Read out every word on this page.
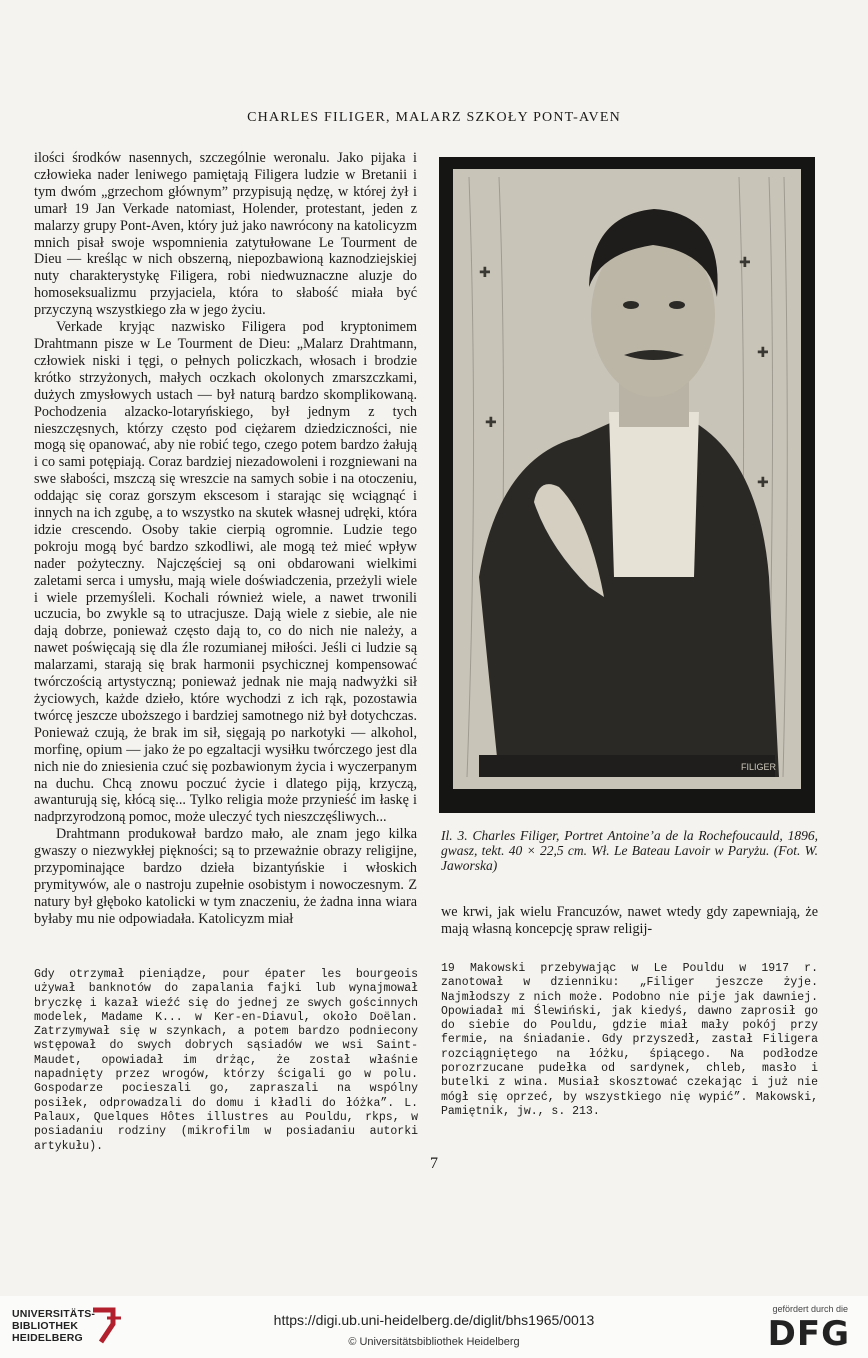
CHARLES FILIGER, MALARZ SZKOŁY PONT-AVEN

ilości środków nasennych, szczególnie weronalu. Jako pijaka i człowieka nader leniwego pamiętają Filigera ludzie w Bretanii i tym dwóm „grzechom głównym” przypisują nędzę, w której żył i umarł 19 Jan Verkade natomiast, Holender, protestant, jeden z malarzy grupy Pont-Aven, który już jako nawrócony na katolicyzm mnich pisał swoje wspomnienia zatytułowane Le Tourment de Dieu — kreśląc w nich obszerną, niepozbawioną kaznodziejskiej nuty charakterystykę Filigera, robi niedwuznaczne aluzje do homoseksualizmu przyjaciela, która to słabość miała być przyczyną wszystkiego zła w jego życiu.

Verkade kryjąc nazwisko Filigera pod kryptonimem Drahtmann pisze w Le Tourment de Dieu: „Malarz Drahtmann, człowiek niski i tęgi, o pełnych policzkach, włosach i brodzie krótko strzyżonych, małych oczkach okolonych zmarszczkami, dużych zmysłowych ustach — był naturą bardzo skomplikowaną. Pochodzenia alzacko-lotaryńskiego, był jednym z tych nieszczęsnych, którzy często pod ciężarem dziedziczności, nie mogą się opanować, aby nie robić tego, czego potem bardzo żałują i co sami potępiają. Coraz bardziej niezadowoleni i rozgniewani na swe słabości, mszczą się wreszcie na samych sobie i na otoczeniu, oddając się coraz gorszym ekscesom i starając się wciągnąć i innych na ich zgubę, a to wszystko na skutek własnej udręki, która idzie crescendo. Osoby takie cierpią ogromnie. Ludzie tego pokroju mogą być bardzo szkodliwi, ale mogą też mieć wpływ nader pożyteczny. Najczęściej są oni obdarowani wielkimi zaletami serca i umysłu, mają wiele doświadczenia, przeżyli wiele i wiele przemyśleli. Kochali również wiele, a nawet trwonili uczucia, bo zwykle są to utracjusze. Dają wiele z siebie, ale nie dają dobrze, ponieważ często dają to, co do nich nie należy, a nawet poświęcają się dla źle rozumianej miłości. Jeśli ci ludzie są malarzami, starają się brak harmonii psychicznej kompensować twórczością artystyczną; ponieważ jednak nie mają nadwyżki sił życiowych, każde dzieło, które wychodzi z ich rąk, pozostawia twórcę jeszcze uboższego i bardziej samotnego niż był dotychczas. Ponieważ czują, że brak im sił, sięgają po narkotyki — alkohol, morfinę, opium — jako że po egzaltacji wysiłku twórczego jest dla nich nie do zniesienia czuć się pozbawionym życia i wyczerpanym na duchu. Chcą znowu poczuć życie i dlatego piją, krzyczą, awanturują się, kłócą się... Tylko religia może przynieść im łaskę i nadprzyrodzoną pomoc, może uleczyć tych nieszczęśliwych...

Drahtmann produkował bardzo mało, ale znam jego kilka gwaszy o niezwykłej piękności; są to przeważnie obrazy religijne, przypominające bardzo dzieła bizantyńskie i włoskich prymitywów, ale o nastroju zupełnie osobistym i nowoczesnym. Z natury był głęboko katolicki w tym znaczeniu, że żadna inna wiara byłaby mu nie odpowiadała. Katolicyzm miał

✚
✚
✚
✚
✚
FILIGER
Il. 3. Charles Filiger, Portret Antoine’a de la Rochefoucauld, 1896, gwasz, tekt. 40 × 22,5 cm. Wł. Le Bateau Lavoir w Paryżu. (Fot. W. Jaworska)

we krwi, jak wielu Francuzów, nawet wtedy gdy zapewniają, że mają własną koncepcję spraw religij-

Gdy otrzymał pieniądze, pour épater les bourgeois używał banknotów do zapalania fajki lub wynajmował bryczkę i kazał wieźć się do jednej ze swych gościnnych modelek, Madame K... w Ker-en-Diavul, około Doëlan. Zatrzymywał się w szynkach, a potem bardzo podniecony wstępował do swych dobrych sąsiadów we wsi Saint-Maudet, opowiadał im drżąc, że został właśnie napadnięty przez wrogów, którzy ścigali go w polu. Gospodarze pocieszali go, zapraszali na wspólny posiłek, odprowadzali do domu i kładli do łóżka”. L. Palaux, Quelques Hôtes illustres au Pouldu, rkps, w posiadaniu rodziny (mikrofilm w posiadaniu autorki artykułu).

19 Makowski przebywając w Le Pouldu w 1917 r. zanotował w dzienniku: „Filiger jeszcze żyje. Najmłodszy z nich może. Podobno nie pije jak dawniej. Opowiadał mi Ślewiński, jak kiedyś, dawno zaprosił go do siebie do Pouldu, gdzie miał mały pokój przy fermie, na śniadanie. Gdy przyszedł, zastał Filigera rozciągniętego na łóżku, śpiącego. Na podłodze porozrzucane pudełka od sardynek, chleb, masło i butelki z wina. Musiał skosztować czekając i już nie mógł się oprzeć, by wszystkiego nię wypić”. Makowski, Pamiętnik, jw., s. 213.

7
UNIVERSITÄTS-
BIBLIOTHEK
HEIDELBERG
https://digi.ub.uni-heidelberg.de/diglit/bhs1965/0013
© Universitätsbibliothek Heidelberg
gefördert durch die
DFG
